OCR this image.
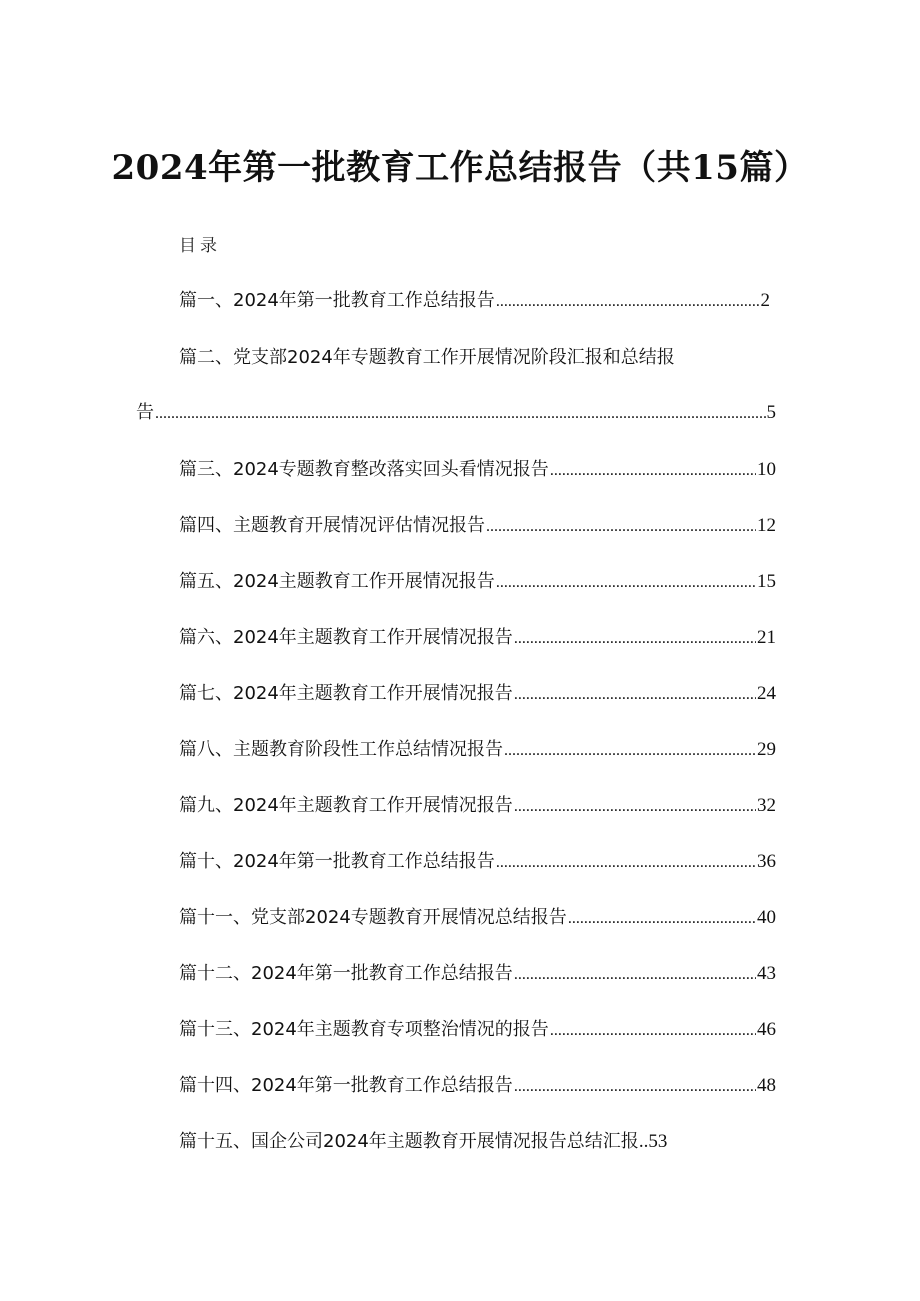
2024年第一批教育工作总结报告（共15篇）
目录
篇一、2024年第一批教育工作总结报告 .....	2
篇二、党支部2024年专题教育工作开展情况阶段汇报和总结报
告 .....	5
篇三、2024专题教育整改落实回头看情况报告 .....	10
篇四、主题教育开展情况评估情况报告 .....	12
篇五、2024主题教育工作开展情况报告 .....	15
篇六、2024年主题教育工作开展情况报告 .....	21
篇七、2024年主题教育工作开展情况报告 .....	24
篇八、主题教育阶段性工作总结情况报告 .....	29
篇九、2024年主题教育工作开展情况报告 .....	32
篇十、2024年第一批教育工作总结报告 .....	36
篇十一、党支部2024专题教育开展情况总结报告 .....	40
篇十二、2024年第一批教育工作总结报告 .....	43
篇十三、2024年主题教育专项整治情况的报告 .....	46
篇十四、2024年第一批教育工作总结报告 .....	48
篇十五、国企公司2024年主题教育开展情况报告总结汇报 .. 53
